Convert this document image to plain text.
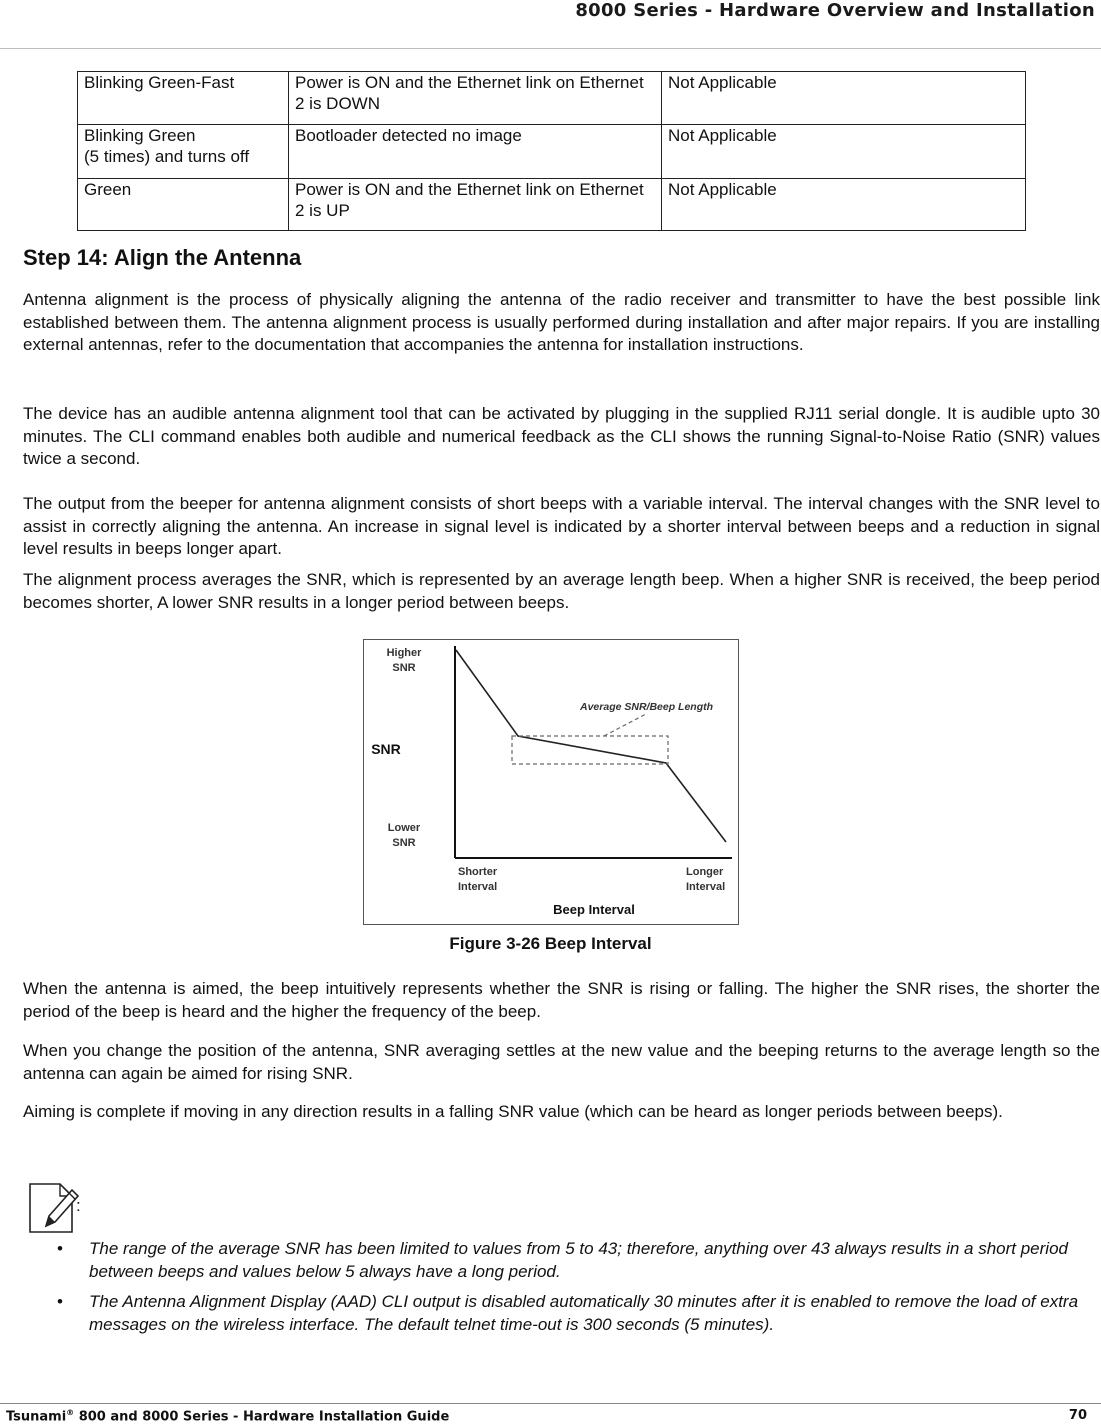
8000 Series - Hardware Overview and Installation
Blinking Green-Fast	Power is ON and the Ethernet link on Ethernet 2 is DOWN	Not Applicable

Blinking Green
(5 times) and turns off	Bootloader detected no image	Not Applicable
Green	Power is ON and the Ethernet link on Ethernet 2 is UP	Not Applicable
Step 14: Align the Antenna

Antenna alignment is the process of physically aligning the antenna of the radio receiver and transmitter to have the best possible link established between them. The antenna alignment process is usually performed during installation and after major repairs. If you are installing external antennas, refer to the documentation that accompanies the antenna for installation instructions.

The device has an audible antenna alignment tool that can be activated by plugging in the supplied RJ11 serial dongle. It is audible upto 30 minutes. The CLI command enables both audible and numerical feedback as the CLI shows the running Signal-to-Noise Ratio (SNR) values twice a second.

The output from the beeper for antenna alignment consists of short beeps with a variable interval. The interval changes with the SNR level to assist in correctly aligning the antenna. An increase in signal level is indicated by a shorter interval between beeps and a reduction in signal level results in beeps longer apart.

The alignment process averages the SNR, which is represented by an average length beep. When a higher SNR is received, the beep period becomes shorter, A lower SNR results in a longer period between beeps.

Higher
SNR
SNR
Lower
SNR
Average SNR/Beep Length
Shorter
Interval
Longer
Interval
Beep Interval
Figure 3-26 Beep Interval

When the antenna is aimed, the beep intuitively represents whether the SNR is rising or falling. The higher the SNR rises, the shorter the period of the beep is heard and the higher the frequency of the beep.

When you change the position of the antenna, SNR averaging settles at the new value and the beeping returns to the average length so the antenna can again be aimed for rising SNR.

Aiming is complete if moving in any direction results in a falling SNR value (which can be heard as longer periods between beeps).

:
• The range of the average SNR has been limited to values from 5 to 43; therefore, anything over 43 always results in a short period between beeps and values below 5 always have a long period.
• The Antenna Alignment Display (AAD) CLI output is disabled automatically 30 minutes after it is enabled to remove the load of extra messages on the wireless interface. The default telnet time-out is 300 seconds (5 minutes).
Tsunami® 800 and 8000 Series - Hardware Installation Guide	70
